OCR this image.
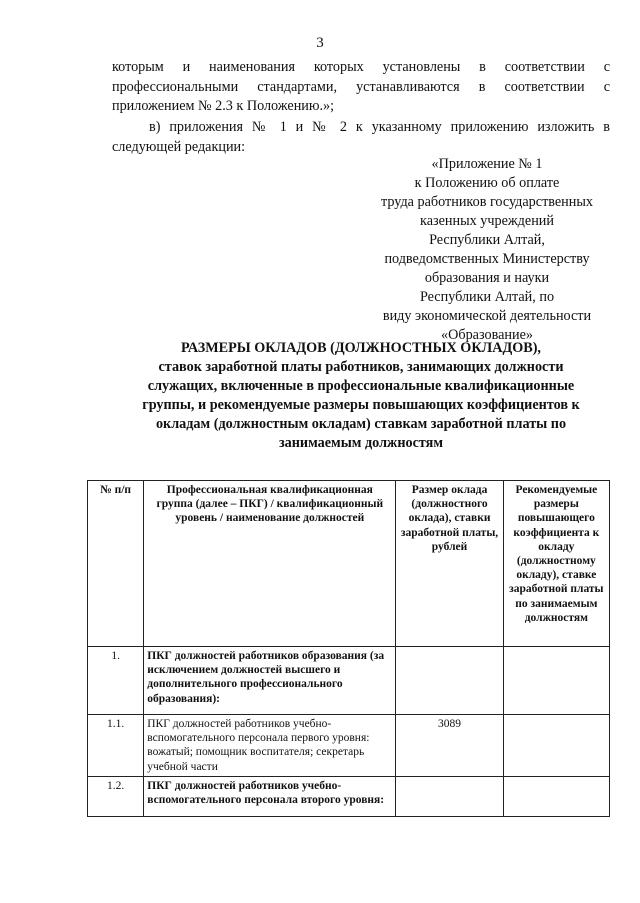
3

которым и наименования которых установлены в соответствии с профессиональными стандартами, устанавливаются в соответствии с приложением № 2.3 к Положению.»;

в) приложения № 1 и № 2 к указанному приложению изложить в следующей редакции:

«Приложение № 1
к Положению об оплате
труда работников государственных
казенных учреждений
Республики Алтай,
подведомственных Министерству
образования и науки
Республики Алтай, по
виду экономической деятельности
«Образование»
РАЗМЕРЫ ОКЛАДОВ (ДОЛЖНОСТНЫХ ОКЛАДОВ),
ставок заработной платы работников, занимающих должности
служащих, включенные в профессиональные квалификационные
группы, и рекомендуемые размеры повышающих коэффициентов к
окладам (должностным окладам) ставкам заработной платы по
занимаемым должностям
№ п/п	Профессиональная квалификационная группа (далее – ПКГ) / квалификационный уровень / наименование должностей	Размер оклада (должностного оклада), ставки заработной платы, рублей	Рекомендуемые размеры повышающего коэффициента к окладу (должностному окладу), ставке заработной платы по занимаемым должностям
1.	ПКГ должностей работников образования (за исключением должностей высшего и дополнительного профессионального образования):		
1.1.	ПКГ должностей работников учебно-вспомогательного персонала первого уровня: вожатый; помощник воспитателя; секретарь учебной части	3089	
1.2.	ПКГ должностей работников учебно-вспомогательного персонала второго уровня:		
